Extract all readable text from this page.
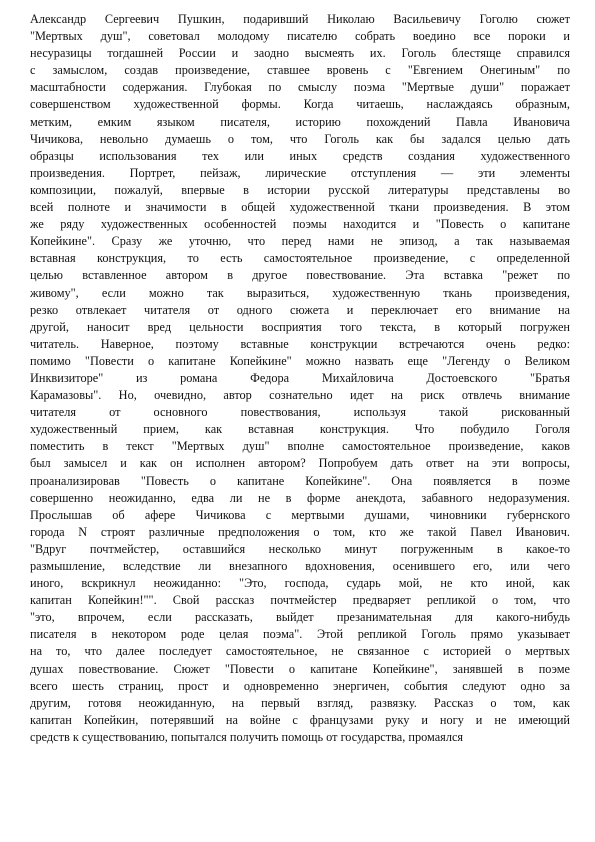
Александр Сергеевич Пушкин, подаривший Николаю Васильевичу Гоголю сюжет
"Мертвых душ", советовал молодому писателю собрать воедино все пороки и
несуразицы тогдашней России и заодно высмеять их. Гоголь блестяще справился
с замыслом, создав произведение, ставшее вровень с "Евгением Онегиным" по
масштабности содержания. Глубокая по смыслу поэма "Мертвые души" поражает
совершенством художественной формы. Когда читаешь, наслаждаясь образным,
метким, емким языком писателя, историю похождений Павла Ивановича
Чичикова, невольно думаешь о том, что Гоголь как бы задался целью дать
образцы использования тех или иных средств создания художественного
произведения. Портрет, пейзаж, лирические отступления — эти элементы
композиции, пожалуй, впервые в истории русской литературы представлены во
всей полноте и значимости в общей художественной ткани произведения. В этом
же ряду художественных особенностей поэмы находится и "Повесть о капитане
Копейкине". Сразу же уточню, что перед нами не эпизод, а так называемая
вставная конструкция, то есть самостоятельное произведение, с определенной
целью вставленное автором в другое повествование. Эта вставка "режет по
живому", если можно так выразиться, художественную ткань произведения,
резко отвлекает читателя от одного сюжета и переключает его внимание на
другой, наносит вред цельности восприятия того текста, в который погружен
читатель. Наверное, поэтому вставные конструкции встречаются очень редко:
помимо "Повести о капитане Копейкине" можно назвать еще "Легенду о Великом
Инквизиторе" из романа Федора Михайловича Достоевского "Братья
Карамазовы". Но, очевидно, автор сознательно идет на риск отвлечь внимание
читателя от основного повествования, используя такой рискованный
художественный прием, как вставная конструкция. Что побудило Гоголя
поместить в текст "Мертвых душ" вполне самостоятельное произведение, каков
был замысел и как он исполнен автором? Попробуем дать ответ на эти вопросы,
проанализировав "Повесть о капитане Копейкине". Она появляется в поэме
совершенно неожиданно, едва ли не в форме анекдота, забавного недоразумения.
Прослышав об афере Чичикова с мертвыми душами, чиновники губернского
города N строят различные предположения о том, кто же такой Павел Иванович.
"Вдруг почтмейстер, оставшийся несколько минут погруженным в какое-то
размышление, вследствие ли внезапного вдохновения, осенившего его, или чего
иного, вскрикнул неожиданно: "Это, господа, сударь мой, не кто иной, как
капитан Копейкин!"". Свой рассказ почтмейстер предваряет репликой о том, что
"это, впрочем, если рассказать, выйдет презанимательная для какого-нибудь
писателя в некотором роде целая поэма". Этой репликой Гоголь прямо указывает
на то, что далее последует самостоятельное, не связанное с историей о мертвых
душах повествование. Сюжет "Повести о капитане Копейкине", занявшей в поэме
всего шесть страниц, прост и одновременно энергичен, события следуют одно за
другим, готовя неожиданную, на первый взгляд, развязку. Рассказ о том, как
капитан Копейкин, потерявший на войне с французами руку и ногу и не имеющий
средств к существованию, попытался получить помощь от государства, промаялся
